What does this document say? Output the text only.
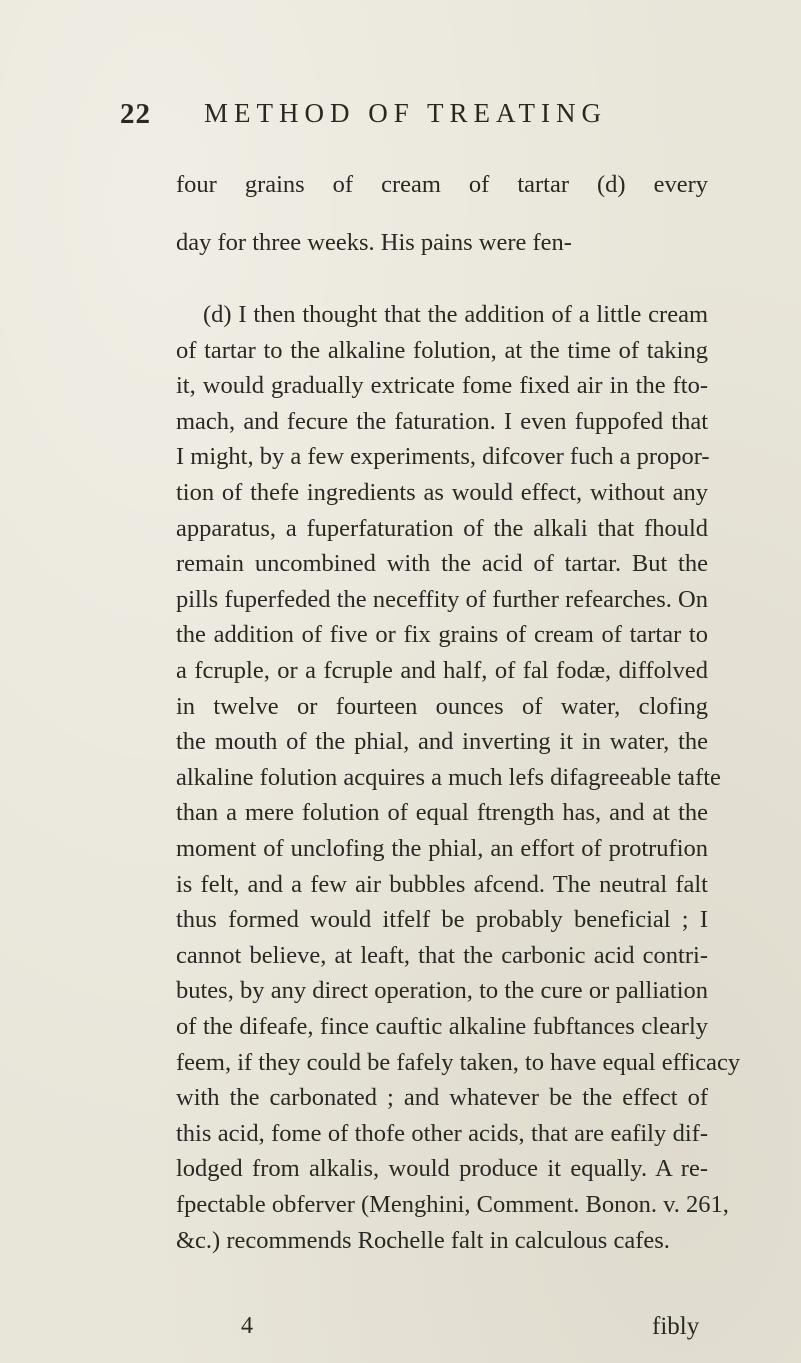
22 METHOD OF TREATING
four grains of cream of tartar (d) every
day for three weeks. His pains were fen-
(d) I then thought that the addition of a little cream
of tartar to the alkaline folution, at the time of taking
it, would gradually extricate fome fixed air in the fto-
mach, and fecure the faturation. I even fuppofed that
I might, by a few experiments, difcover fuch a propor-
tion of thefe ingredients as would effect, without any
apparatus, a fuperfaturation of the alkali that fhould
remain uncombined with the acid of tartar. But the
pills fuperfeded the neceffity of further refearches. On
the addition of five or fix grains of cream of tartar to
a fcruple, or a fcruple and half, of fal fodæ, diffolved
in twelve or fourteen ounces of water, clofing
the mouth of the phial, and inverting it in water, the
alkaline folution acquires a much lefs difagreeable tafte
than a mere folution of equal ftrength has, and at the
moment of unclofing the phial, an effort of protrufion
is felt, and a few air bubbles afcend. The neutral falt
thus formed would itfelf be probably beneficial ; I
cannot believe, at leaft, that the carbonic acid contri-
butes, by any direct operation, to the cure or palliation
of the difeafe, fince cauftic alkaline fubftances clearly
feem, if they could be fafely taken, to have equal efficacy
with the carbonated ; and whatever be the effect of
this acid, fome of thofe other acids, that are eafily dif-
lodged from alkalis, would produce it equally. A re-
fpectable obferver (Menghini, Comment. Bonon. v. 261,
&c.) recommends Rochelle falt in calculous cafes.
4	fibly
